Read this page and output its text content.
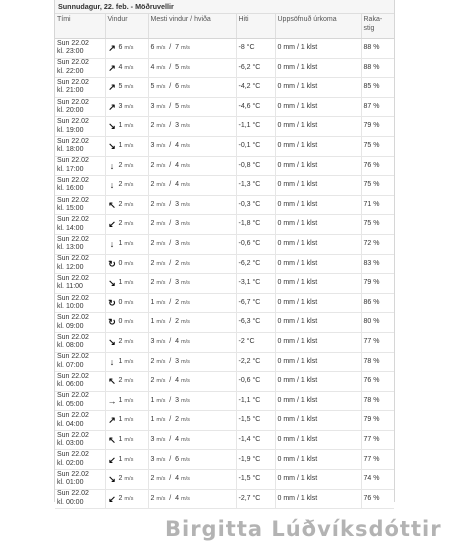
Sunnudagur, 22. feb. - Möðruvellir
Tími	Vindur	Mesti vindur / hviða	Hiti	Uppsöfnuð úrkoma	Raka-
stig
Sun 22.02
kl. 23:00	↗ 6
m/s	6 m/s  /  7 m/s	-8 °C	0 mm / 1 klst	88 %
Sun 22.02
kl. 22:00	↗ 4
m/s	4 m/s  /  5 m/s	-6,2 °C	0 mm / 1 klst	88 %
Sun 22.02
kl. 21:00	↗ 5
m/s	5 m/s  /  6 m/s	-4,2 °C	0 mm / 1 klst	85 %
Sun 22.02
kl. 20:00	↗ 3
m/s	3 m/s  /  5 m/s	-4,6 °C	0 mm / 1 klst	87 %
Sun 22.02
kl. 19:00	↘ 1
m/s	2 m/s  /  3 m/s	-1,1 °C	0 mm / 1 klst	79 %
Sun 22.02
kl. 18:00	↘ 1
m/s	3 m/s  /  4 m/s	-0,1 °C	0 mm / 1 klst	75 %
Sun 22.02
kl. 17:00	↓ 2
m/s	2 m/s  /  4 m/s	-0,8 °C	0 mm / 1 klst	76 %
Sun 22.02
kl. 16:00	↓ 2
m/s	2 m/s  /  4 m/s	-1,3 °C	0 mm / 1 klst	75 %
Sun 22.02
kl. 15:00	↖ 2
m/s	2 m/s  /  3 m/s	-0,3 °C	0 mm / 1 klst	71 %
Sun 22.02
kl. 14:00	↙ 2
m/s	2 m/s  /  3 m/s	-1,8 °C	0 mm / 1 klst	75 %
Sun 22.02
kl. 13:00	↓ 1
m/s	2 m/s  /  3 m/s	-0,6 °C	0 mm / 1 klst	72 %
Sun 22.02
kl. 12:00	↻ 0
m/s	2 m/s  /  2 m/s	-6,2 °C	0 mm / 1 klst	83 %
Sun 22.02
kl. 11:00	↘ 1
m/s	2 m/s  /  3 m/s	-3,1 °C	0 mm / 1 klst	79 %
Sun 22.02
kl. 10:00	↻ 0
m/s	1 m/s  /  2 m/s	-6,7 °C	0 mm / 1 klst	86 %
Sun 22.02
kl. 09:00	↻ 0
m/s	1 m/s  /  2 m/s	-6,3 °C	0 mm / 1 klst	80 %
Sun 22.02
kl. 08:00	↘ 2
m/s	3 m/s  /  4 m/s	-2 °C	0 mm / 1 klst	77 %
Sun 22.02
kl. 07:00	↓ 1
m/s	2 m/s  /  3 m/s	-2,2 °C	0 mm / 1 klst	78 %
Sun 22.02
kl. 06:00	↖ 2
m/s	2 m/s  /  4 m/s	-0,6 °C	0 mm / 1 klst	76 %
Sun 22.02
kl. 05:00	→ 1
m/s	1 m/s  /  3 m/s	-1,1 °C	0 mm / 1 klst	78 %
Sun 22.02
kl. 04:00	↗ 1
m/s	1 m/s  /  2 m/s	-1,5 °C	0 mm / 1 klst	79 %
Sun 22.02
kl. 03:00	↖ 1
m/s	3 m/s  /  4 m/s	-1,4 °C	0 mm / 1 klst	77 %
Sun 22.02
kl. 02:00	↙ 1
m/s	3 m/s  /  6 m/s	-1,9 °C	0 mm / 1 klst	77 %
Sun 22.02
kl. 01:00	↘ 2
m/s	2 m/s  /  4 m/s	-1,5 °C	0 mm / 1 klst	74 %
Sun 22.02
kl. 00:00	↙ 2
m/s	2 m/s  /  4 m/s	-2,7 °C	0 mm / 1 klst	76 %
Birgitta Lúðvíksdóttir
